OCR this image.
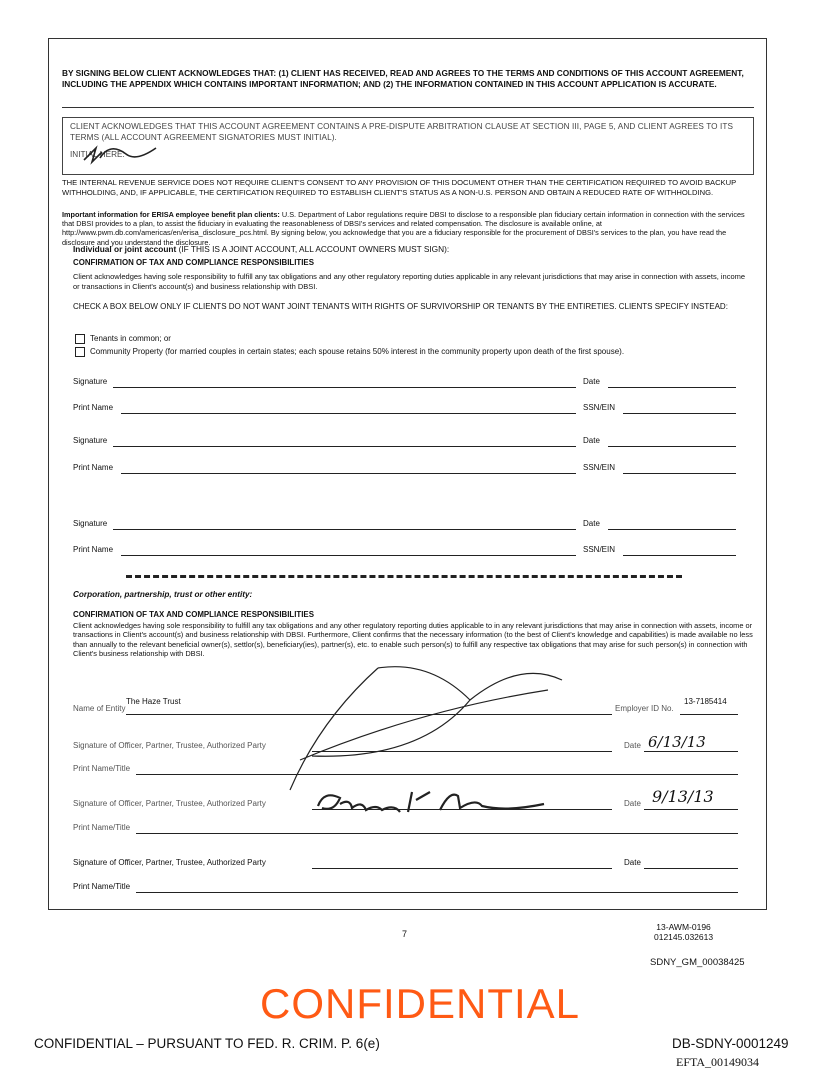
BY SIGNING BELOW CLIENT ACKNOWLEDGES THAT: (1) CLIENT HAS RECEIVED, READ AND AGREES TO THE TERMS AND CONDITIONS OF THIS ACCOUNT AGREEMENT, INCLUDING THE APPENDIX WHICH CONTAINS IMPORTANT INFORMATION; AND (2) THE INFORMATION CONTAINED IN THIS ACCOUNT APPLICATION IS ACCURATE.
CLIENT ACKNOWLEDGES THAT THIS ACCOUNT AGREEMENT CONTAINS A PRE-DISPUTE ARBITRATION CLAUSE AT SECTION III, PAGE 5, AND CLIENT AGREES TO ITS TERMS (ALL ACCOUNT AGREEMENT SIGNATORIES MUST INITIAL).
INITIAL HERE:
THE INTERNAL REVENUE SERVICE DOES NOT REQUIRE CLIENT'S CONSENT TO ANY PROVISION OF THIS DOCUMENT OTHER THAN THE CERTIFICATION REQUIRED TO AVOID BACKUP WITHHOLDING, AND, IF APPLICABLE, THE CERTIFICATION REQUIRED TO ESTABLISH CLIENT'S STATUS AS A NON-U.S. PERSON AND OBTAIN A REDUCED RATE OF WITHHOLDING.
Important information for ERISA employee benefit plan clients: U.S. Department of Labor regulations require DBSI to disclose to a responsible plan fiduciary certain information in connection with the services that DBSI provides to a plan, to assist the fiduciary in evaluating the reasonableness of DBSI's services and related compensation. The disclosure is available online, at http://www.pwm.db.com/americas/en/erisa_disclosure_pcs.html. By signing below, you acknowledge that you are a fiduciary responsible for the procurement of DBSI's services to the plan, you have read the disclosure and you understand the disclosure.
Individual or joint account (IF THIS IS A JOINT ACCOUNT, ALL ACCOUNT OWNERS MUST SIGN):
CONFIRMATION OF TAX AND COMPLIANCE RESPONSIBILITIES
Client acknowledges having sole responsibility to fulfill any tax obligations and any other regulatory reporting duties applicable in any relevant jurisdictions that may arise in connection with assets, income or transactions in Client's account(s) and business relationship with DBSI.
CHECK A BOX BELOW ONLY IF CLIENTS DO NOT WANT JOINT TENANTS WITH RIGHTS OF SURVIVORSHIP OR TENANTS BY THE ENTIRETIES. CLIENTS SPECIFY INSTEAD:
Tenants in common; or
Community Property (for married couples in certain states; each spouse retains 50% interest in the community property upon death of the first spouse).
Signature	Date
Print Name	SSN/EIN
Signature	Date
Print Name	SSN/EIN
Signature	Date
Print Name	SSN/EIN
Corporation, partnership, trust or other entity:
CONFIRMATION OF TAX AND COMPLIANCE RESPONSIBILITIES
Client acknowledges having sole responsibility to fulfill any tax obligations and any other regulatory reporting duties applicable to in any relevant jurisdictions that may arise in connection with assets, income or transactions in Client's account(s) and business relationship with DBSI. Furthermore, Client confirms that the necessary information (to the best of Client's knowledge and capabilities) is made available no less than annually to the relevant beneficial owner(s), settlor(s), beneficiary(ies), partner(s), etc. to enable such person(s) to fulfill any respective tax obligations that may arise for such person(s) in connection with Client's business relationship with DBSI.
Name of Entity
The Haze Trust
Employer ID No.
13-7185414
Signature of Officer, Partner, Trustee, Authorized Party	Date 6/13/13
Print Name/Title
Signature of Officer, Partner, Trustee, Authorized Party	Date 9/13/13
Print Name/Title
Signature of Officer, Partner, Trustee, Authorized Party	Date
Print Name/Title
7
13-AWM-0196
012145.032613
SDNY_GM_00038425
CONFIDENTIAL
CONFIDENTIAL – PURSUANT TO FED. R. CRIM. P. 6(e)	DB-SDNY-0001249
EFTA_00149034
